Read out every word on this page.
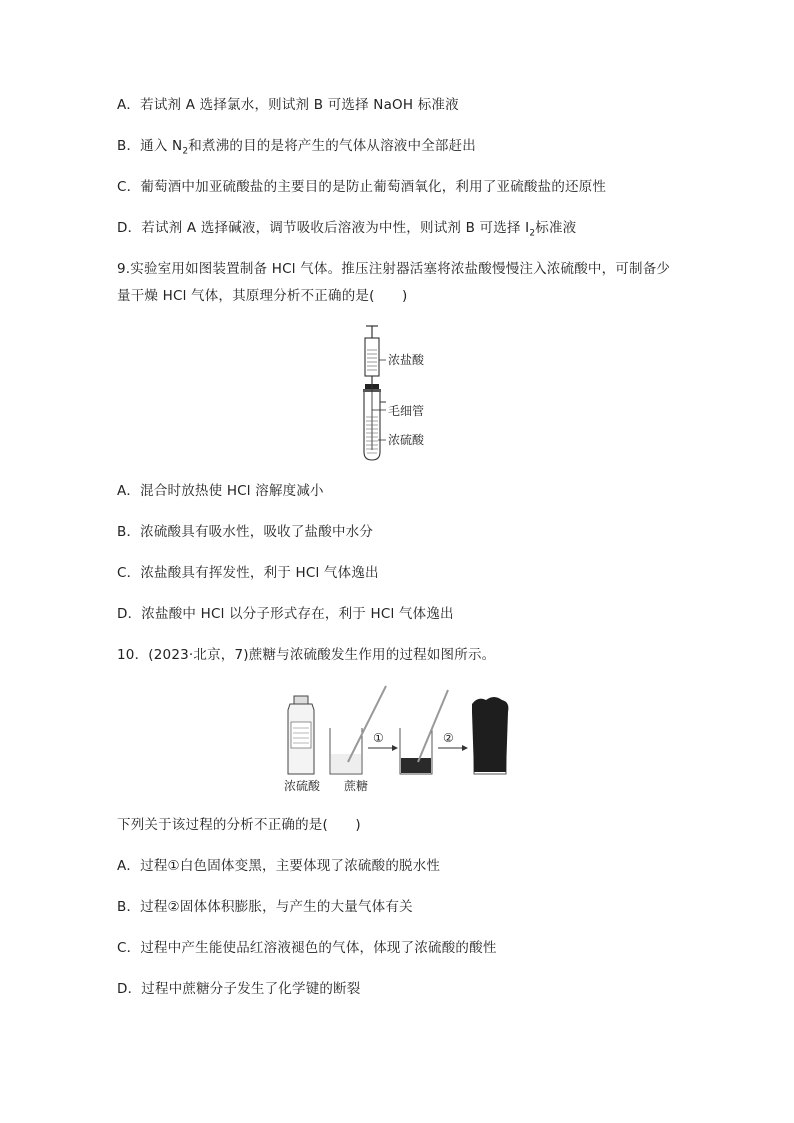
A．若试剂 A 选择氯水，则试剂 B 可选择 NaOH 标准液
B．通入 $N_2$和煮沸的目的是将产生的气体从溶液中全部赶出
C．葡萄酒中加亚硫酸盐的主要目的是防止葡萄酒氧化，利用了亚硫酸盐的还原性
D．若试剂 A 选择碱液，调节吸收后溶液为中性，则试剂 B 可选择 $I_2$标准液
9.实验室用如图装置制备 HCl 气体。推压注射器活塞将浓盐酸慢慢注入浓硫酸中，可制备少
量干燥 HCl 气体，其原理分析不正确的是(　　)
浓盐酸
毛细管
浓硫酸
A．混合时放热使 HCl 溶解度减小
B．浓硫酸具有吸水性，吸收了盐酸中水分
C．浓盐酸具有挥发性，利于 HCl 气体逸出
D．浓盐酸中 HCl 以分子形式存在，利于 HCl 气体逸出
10．(2023·北京，7)蔗糖与浓硫酸发生作用的过程如图所示。
①	②
浓硫酸 蔗糖
下列关于该过程的分析不正确的是(　　)
A．过程①白色固体变黑，主要体现了浓硫酸的脱水性
B．过程②固体体积膨胀，与产生的大量气体有关
C．过程中产生能使品红溶液褪色的气体，体现了浓硫酸的酸性
D．过程中蔗糖分子发生了化学键的断裂
